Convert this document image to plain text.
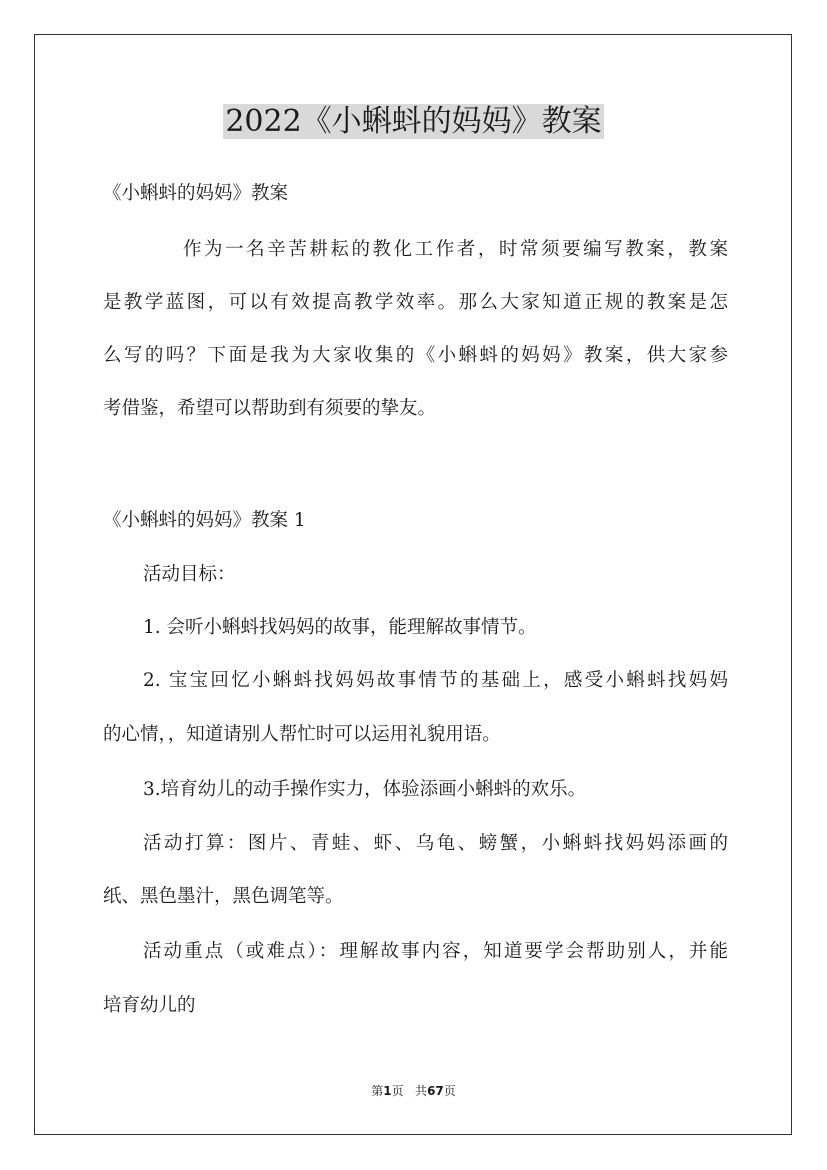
2022《小蝌蚪的妈妈》教案
《小蝌蚪的妈妈》教案
作为一名辛苦耕耘的教化工作者，时常须要编写教案，教案
是教学蓝图，可以有效提高教学效率。那么大家知道正规的教案是怎
么写的吗？下面是我为大家收集的《小蝌蚪的妈妈》教案，供大家参
考借鉴，希望可以帮助到有须要的挚友。
《小蝌蚪的妈妈》教案 1
活动目标：
1. 会听小蝌蚪找妈妈的故事，能理解故事情节。
2. 宝宝回忆小蝌蚪找妈妈故事情节的基础上，感受小蝌蚪找妈妈
的心情，，知道请别人帮忙时可以运用礼貌用语。
3.培育幼儿的动手操作实力，体验添画小蝌蚪的欢乐。
活动打算：图片、青蛙、虾、乌龟、螃蟹，小蝌蚪找妈妈添画的
纸、黑色墨汁，黑色调笔等。
活动重点（或难点）：理解故事内容，知道要学会帮助别人，并能
培育幼儿的
第1页 共67页
